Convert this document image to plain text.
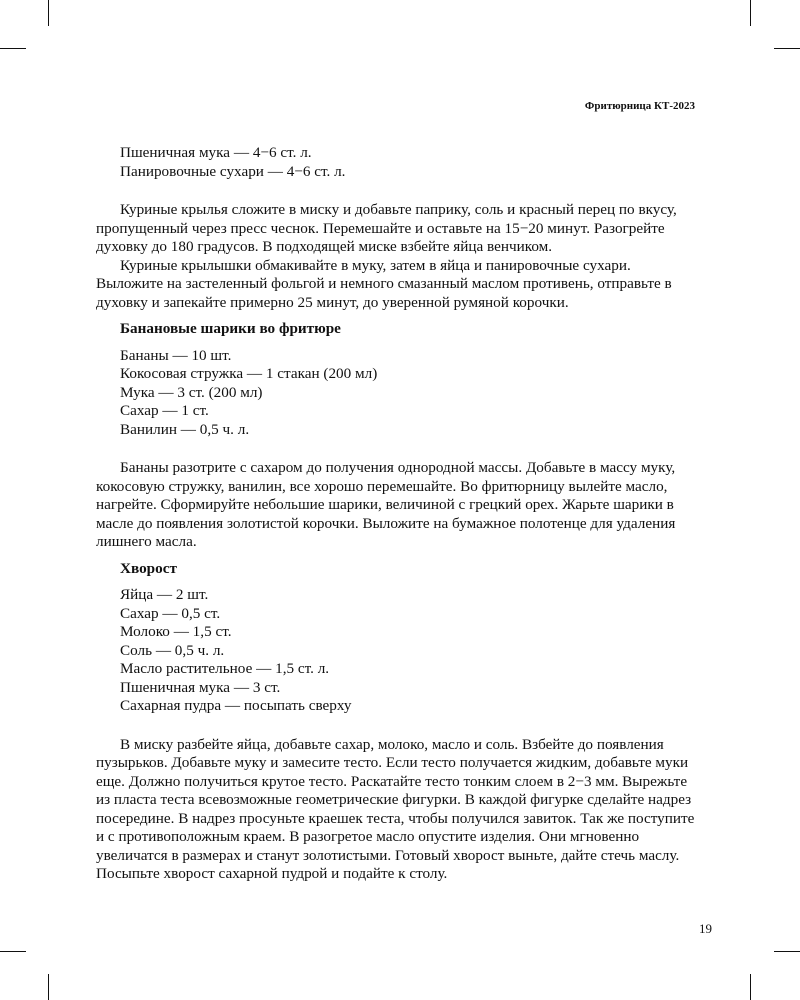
Фритюрница КТ-2023
Пшеничная мука — 4−6 ст. л.
Панировочные сухари — 4−6 ст. л.

Куриные крылья сложите в миску и добавьте паприку, соль и красный перец по вкусу, пропущенный через пресс чеснок. Перемешайте и оставьте на 15−20 минут. Разогрейте духовку до 180 градусов. В подходящей миске взбейте яйца венчиком.

Куриные крылышки обмакивайте в муку, затем в яйца и панировочные сухари. Выложите на застеленный фольгой и немного смазанный маслом противень, отправьте в духовку и запекайте примерно 25 минут, до уверенной румяной корочки.

Банановые шарики во фритюре
Бананы — 10 шт.
Кокосовая стружка — 1 стакан (200 мл)
Мука — 3 ст. (200 мл)
Сахар — 1 ст.
Ванилин — 0,5 ч. л.

Бананы разотрите с сахаром до получения однородной массы. Добавьте в массу муку, кокосовую стружку, ванилин, все хорошо перемешайте. Во фритюрницу вылейте масло, нагрейте. Сформируйте небольшие шарики, величиной с грецкий орех. Жарьте шарики в масле до появления золотистой корочки. Выложите на бумажное полотенце для удаления лишнего масла.

Хворост
Яйца — 2 шт.
Сахар — 0,5 ст.
Молоко — 1,5 ст.
Соль — 0,5 ч. л.
Масло растительное — 1,5 ст. л.
Пшеничная мука — 3 ст.
Сахарная пудра — посыпать сверху

В миску разбейте яйца, добавьте сахар, молоко, масло и соль. Взбейте до появления пузырьков. Добавьте муку и замесите тесто. Если тесто получается жидким, добавьте муки еще. Должно получиться крутое тесто. Раскатайте тесто тонким слоем в 2−3 мм. Вырежьте из пласта теста всевозможные геометрические фигурки. В каждой фигурке сделайте надрез посередине. В надрез просуньте краешек теста, чтобы получился завиток. Так же поступите и с противоположным краем. В разогретое масло опустите изделия. Они мгновенно увеличатся в размерах и станут золотистыми. Готовый хворост выньте, дайте стечь маслу. Посыпьте хворост сахарной пудрой и подайте к столу.

19
